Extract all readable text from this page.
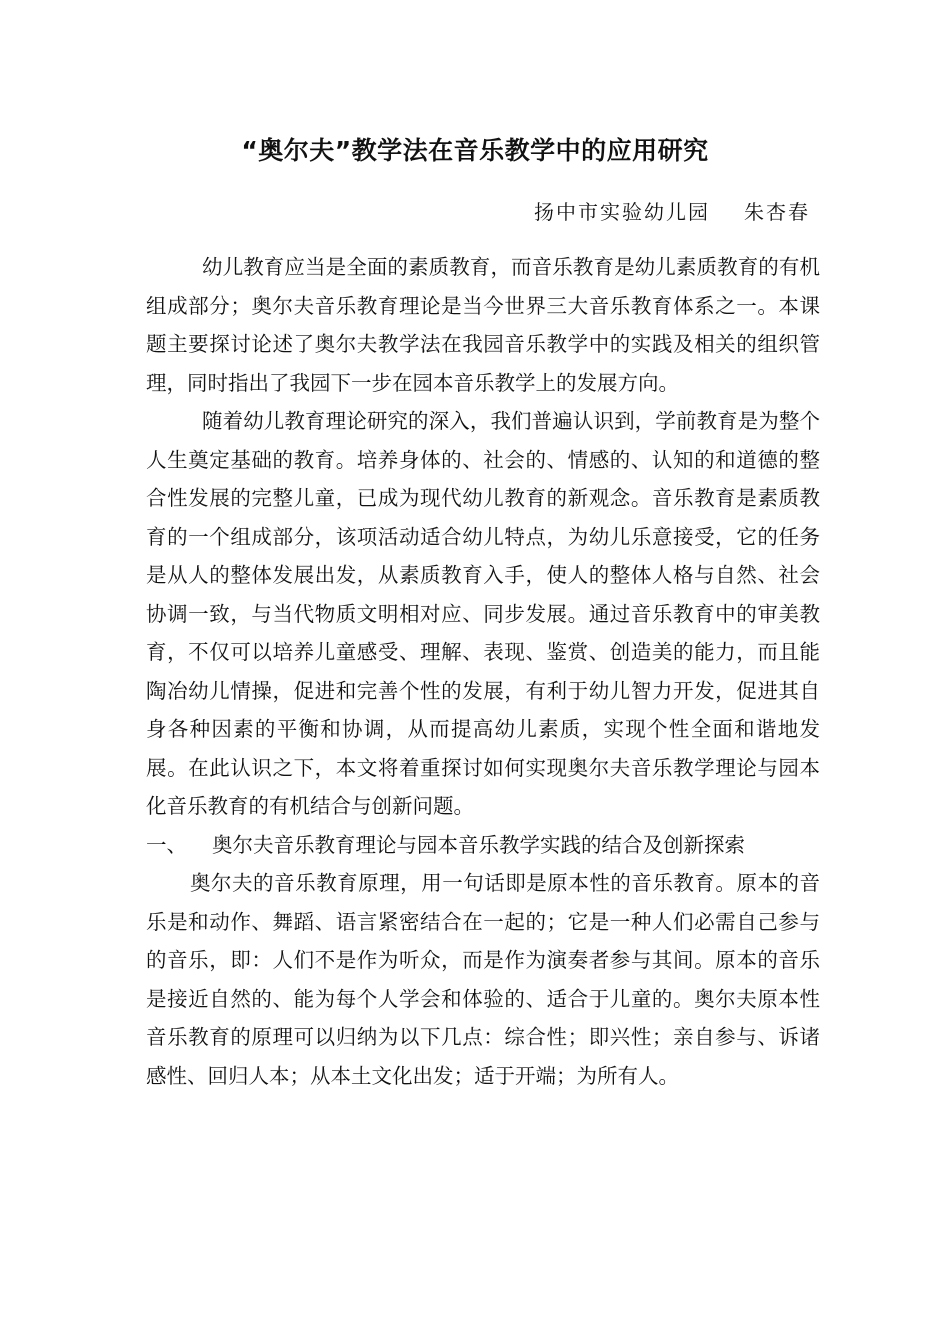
“奥尔夫”教学法在音乐教学中的应用研究

扬中市实验幼儿园 朱杏春

幼儿教育应当是全面的素质教育，而音乐教育是幼儿素质教育的有机组成部分；奥尔夫音乐教育理论是当今世界三大音乐教育体系之一。本课题主要探讨论述了奥尔夫教学法在我园音乐教学中的实践及相关的组织管理，同时指出了我园下一步在园本音乐教学上的发展方向。

随着幼儿教育理论研究的深入，我们普遍认识到，学前教育是为整个人生奠定基础的教育。培养身体的、社会的、情感的、认知的和道德的整合性发展的完整儿童，已成为现代幼儿教育的新观念。音乐教育是素质教育的一个组成部分，该项活动适合幼儿特点，为幼儿乐意接受，它的任务是从人的整体发展出发，从素质教育入手，使人的整体人格与自然、社会协调一致，与当代物质文明相对应、同步发展。通过音乐教育中的审美教育，不仅可以培养儿童感受、理解、表现、鉴赏、创造美的能力，而且能陶冶幼儿情操，促进和完善个性的发展，有利于幼儿智力开发，促进其自身各种因素的平衡和协调，从而提高幼儿素质，实现个性全面和谐地发展。在此认识之下，本文将着重探讨如何实现奥尔夫音乐教学理论与园本化音乐教育的有机结合与创新问题。

一、 奥尔夫音乐教育理论与园本音乐教学实践的结合及创新探索

奥尔夫的音乐教育原理，用一句话即是原本性的音乐教育。原本的音乐是和动作、舞蹈、语言紧密结合在一起的；它是一种人们必需自己参与的音乐，即：人们不是作为听众，而是作为演奏者参与其间。原本的音乐是接近自然的、能为每个人学会和体验的、适合于儿童的。奥尔夫原本性音乐教育的原理可以归纳为以下几点：综合性；即兴性；亲自参与、诉诸感性、回归人本；从本土文化出发；适于开端；为所有人。
